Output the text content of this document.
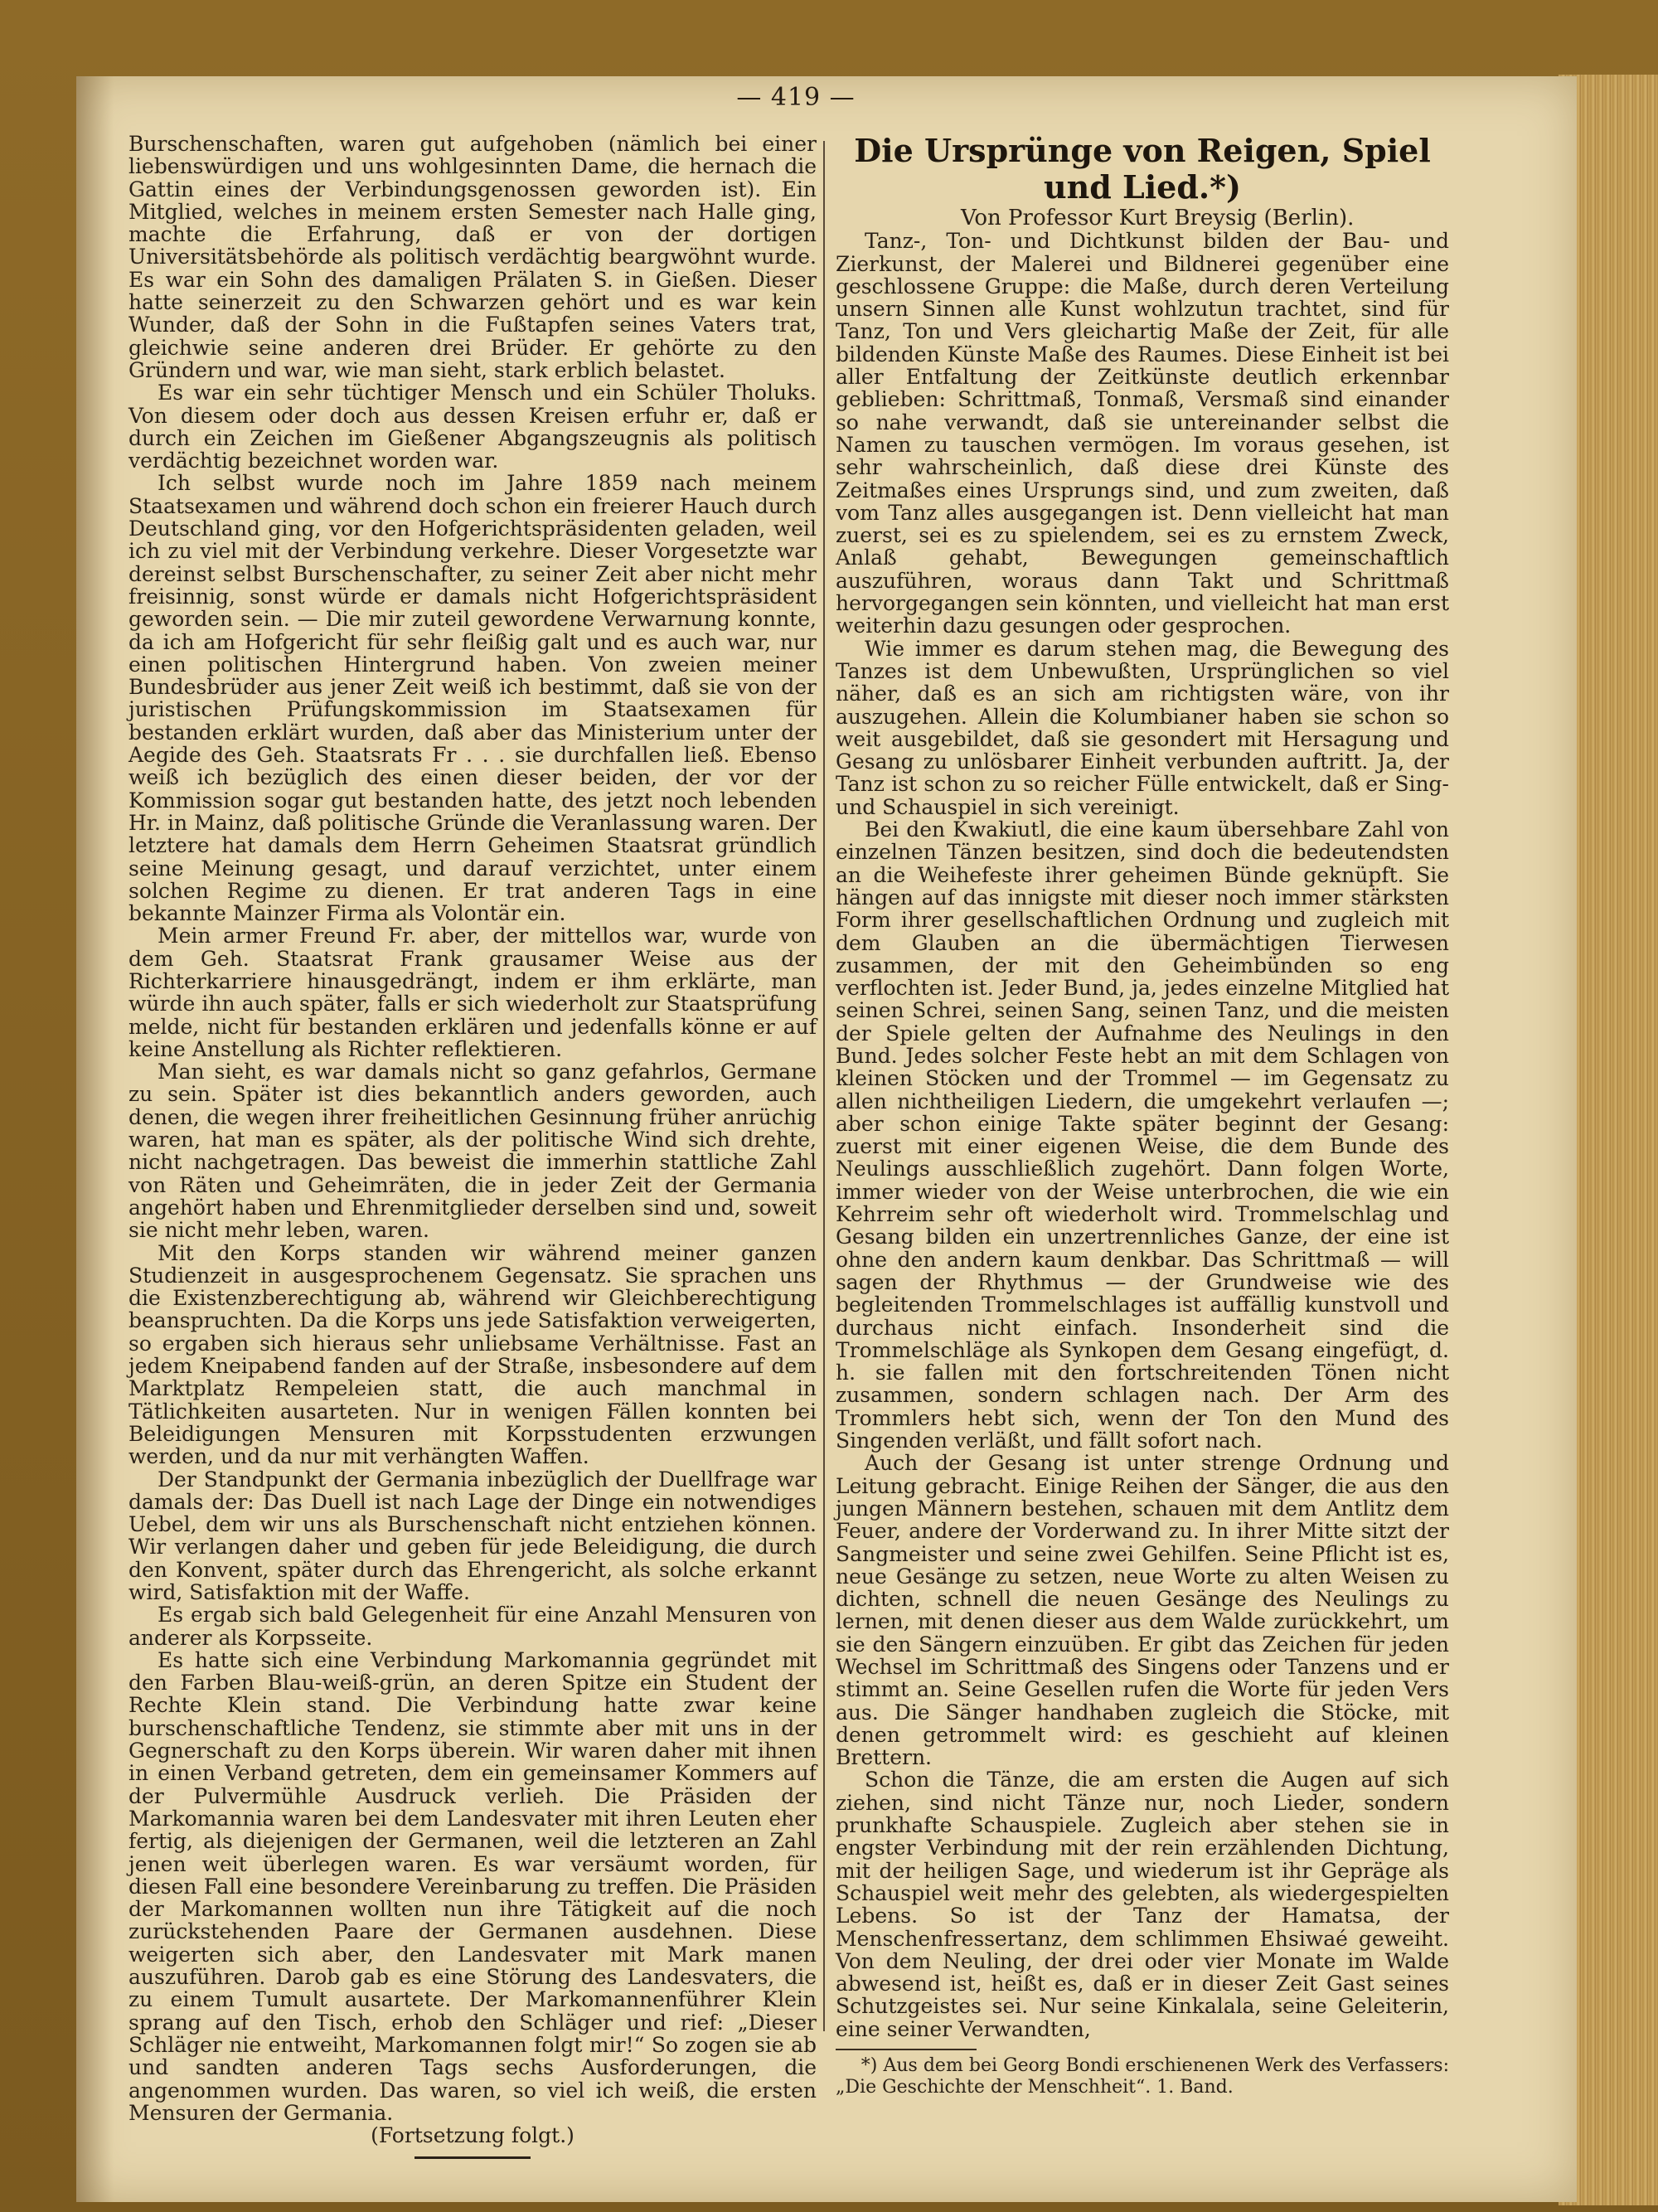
— 419 —

Burschenschaften, waren gut aufgehoben (nämlich bei einer liebenswürdigen und uns wohlgesinnten Dame, die hernach die Gattin eines der Verbindungsgenossen geworden ist). Ein Mitglied, welches in meinem ersten Semester nach Halle ging, machte die Erfahrung, daß er von der dortigen Universitätsbehörde als politisch verdächtig beargwöhnt wurde. Es war ein Sohn des damaligen Prälaten S. in Gießen. Dieser hatte seinerzeit zu den Schwarzen gehört und es war kein Wunder, daß der Sohn in die Fußtapfen seines Vaters trat, gleichwie seine anderen drei Brüder. Er gehörte zu den Gründern und war, wie man sieht, stark erblich belastet.

Es war ein sehr tüchtiger Mensch und ein Schüler Tholuks. Von diesem oder doch aus dessen Kreisen erfuhr er, daß er durch ein Zeichen im Gießener Abgangszeugnis als politisch verdächtig bezeichnet worden war.

Ich selbst wurde noch im Jahre 1859 nach meinem Staatsexamen und während doch schon ein freierer Hauch durch Deutschland ging, vor den Hofgerichtspräsidenten geladen, weil ich zu viel mit der Verbindung verkehre. Dieser Vorgesetzte war dereinst selbst Burschenschafter, zu seiner Zeit aber nicht mehr freisinnig, sonst würde er damals nicht Hofgerichtspräsident geworden sein. — Die mir zuteil gewordene Verwarnung konnte, da ich am Hofgericht für sehr fleißig galt und es auch war, nur einen politischen Hintergrund haben. Von zweien meiner Bundesbrüder aus jener Zeit weiß ich bestimmt, daß sie von der juristischen Prüfungskommission im Staatsexamen für bestanden erklärt wurden, daß aber das Ministerium unter der Aegide des Geh. Staatsrats Fr . . . sie durchfallen ließ. Ebenso weiß ich bezüglich des einen dieser beiden, der vor der Kommission sogar gut bestanden hatte, des jetzt noch lebenden Hr. in Mainz, daß politische Gründe die Veranlassung waren. Der letztere hat damals dem Herrn Geheimen Staatsrat gründlich seine Meinung gesagt, und darauf verzichtet, unter einem solchen Regime zu dienen. Er trat anderen Tags in eine bekannte Mainzer Firma als Volontär ein.

Mein armer Freund Fr. aber, der mittellos war, wurde von dem Geh. Staatsrat Frank grausamer Weise aus der Richterkarriere hinausgedrängt, indem er ihm erklärte, man würde ihn auch später, falls er sich wiederholt zur Staatsprüfung melde, nicht für bestanden erklären und jedenfalls könne er auf keine Anstellung als Richter reflektieren.

Man sieht, es war damals nicht so ganz gefahrlos, Germane zu sein. Später ist dies bekanntlich anders geworden, auch denen, die wegen ihrer freiheitlichen Gesinnung früher anrüchig waren, hat man es später, als der politische Wind sich drehte, nicht nachgetragen. Das beweist die immerhin stattliche Zahl von Räten und Geheimräten, die in jeder Zeit der Germania angehört haben und Ehrenmitglieder derselben sind und, soweit sie nicht mehr leben, waren.

Mit den Korps standen wir während meiner ganzen Studienzeit in ausgesprochenem Gegensatz. Sie sprachen uns die Existenzberechtigung ab, während wir Gleichberechtigung beanspruchten. Da die Korps uns jede Satisfaktion verweigerten, so ergaben sich hieraus sehr unliebsame Verhältnisse. Fast an jedem Kneipabend fanden auf der Straße, insbesondere auf dem Marktplatz Rempeleien statt, die auch manchmal in Tätlichkeiten ausarteten. Nur in wenigen Fällen konnten bei Beleidigungen Mensuren mit Korpsstudenten erzwungen werden, und da nur mit verhängten Waffen.

Der Standpunkt der Germania inbezüglich der Duellfrage war damals der: Das Duell ist nach Lage der Dinge ein notwendiges Uebel, dem wir uns als Burschenschaft nicht entziehen können. Wir verlangen daher und geben für jede Beleidigung, die durch den Konvent, später durch das Ehrengericht, als solche erkannt wird, Satisfaktion mit der Waffe.

Es ergab sich bald Gelegenheit für eine Anzahl Mensuren von anderer als Korpsseite.

Es hatte sich eine Verbindung Markomannia gegründet mit den Farben Blau-weiß-grün, an deren Spitze ein Student der Rechte Klein stand. Die Verbindung hatte zwar keine burschenschaftliche Tendenz, sie stimmte aber mit uns in der Gegnerschaft zu den Korps überein. Wir waren daher mit ihnen in einen Verband getreten, dem ein gemeinsamer Kommers auf der Pulvermühle Ausdruck verlieh. Die Präsiden der Markomannia waren bei dem Landesvater mit ihren Leuten eher fertig, als diejenigen der Germanen, weil die letzteren an Zahl jenen weit überlegen waren. Es war versäumt worden, für diesen Fall eine besondere Vereinbarung zu treffen. Die Präsiden der Markomannen wollten nun ihre Tätigkeit auf die noch zurückstehenden Paare der Germanen ausdehnen. Diese weigerten sich aber, den Landesvater mit Mark manen auszuführen. Darob gab es eine Störung des Landesvaters, die zu einem Tumult ausartete. Der Markomannenführer Klein sprang auf den Tisch, erhob den Schläger und rief: „Dieser Schläger nie entweiht, Markomannen folgt mir!“ So zogen sie ab und sandten anderen Tags sechs Ausforderungen, die angenommen wurden. Das waren, so viel ich weiß, die ersten Mensuren der Germania.

(Fortsetzung folgt.)

Die Ursprünge von Reigen, Spiel und Lied.*)

Von Professor Kurt Breysig (Berlin).

Tanz-, Ton- und Dichtkunst bilden der Bau- und Zierkunst, der Malerei und Bildnerei gegenüber eine geschlossene Gruppe: die Maße, durch deren Verteilung unsern Sinnen alle Kunst wohlzutun trachtet, sind für Tanz, Ton und Vers gleichartig Maße der Zeit, für alle bildenden Künste Maße des Raumes. Diese Einheit ist bei aller Entfaltung der Zeitkünste deutlich erkennbar geblieben: Schrittmaß, Tonmaß, Versmaß sind einander so nahe verwandt, daß sie untereinander selbst die Namen zu tauschen vermögen. Im voraus gesehen, ist sehr wahrscheinlich, daß diese drei Künste des Zeitmaßes eines Ursprungs sind, und zum zweiten, daß vom Tanz alles ausgegangen ist. Denn vielleicht hat man zuerst, sei es zu spielendem, sei es zu ernstem Zweck, Anlaß gehabt, Bewegungen gemeinschaftlich auszuführen, woraus dann Takt und Schrittmaß hervorgegangen sein könnten, und vielleicht hat man erst weiterhin dazu gesungen oder gesprochen.

Wie immer es darum stehen mag, die Bewegung des Tanzes ist dem Unbewußten, Ursprünglichen so viel näher, daß es an sich am richtigsten wäre, von ihr auszugehen. Allein die Kolumbianer haben sie schon so weit ausgebildet, daß sie gesondert mit Hersagung und Gesang zu unlösbarer Einheit verbunden auftritt. Ja, der Tanz ist schon zu so reicher Fülle entwickelt, daß er Sing- und Schauspiel in sich vereinigt.

Bei den Kwakiutl, die eine kaum übersehbare Zahl von einzelnen Tänzen besitzen, sind doch die bedeutendsten an die Weihefeste ihrer geheimen Bünde geknüpft. Sie hängen auf das innigste mit dieser noch immer stärksten Form ihrer gesellschaftlichen Ordnung und zugleich mit dem Glauben an die übermächtigen Tierwesen zusammen, der mit den Geheimbünden so eng verflochten ist. Jeder Bund, ja, jedes einzelne Mitglied hat seinen Schrei, seinen Sang, seinen Tanz, und die meisten der Spiele gelten der Aufnahme des Neulings in den Bund. Jedes solcher Feste hebt an mit dem Schlagen von kleinen Stöcken und der Trommel — im Gegensatz zu allen nichtheiligen Liedern, die umgekehrt verlaufen —; aber schon einige Takte später beginnt der Gesang: zuerst mit einer eigenen Weise, die dem Bunde des Neulings ausschließlich zugehört. Dann folgen Worte, immer wieder von der Weise unterbrochen, die wie ein Kehrreim sehr oft wiederholt wird. Trommelschlag und Gesang bilden ein unzertrennliches Ganze, der eine ist ohne den andern kaum denkbar. Das Schrittmaß — will sagen der Rhythmus — der Grundweise wie des begleitenden Trommelschlages ist auffällig kunstvoll und durchaus nicht einfach. Insonderheit sind die Trommelschläge als Synkopen dem Gesang eingefügt, d. h. sie fallen mit den fortschreitenden Tönen nicht zusammen, sondern schlagen nach. Der Arm des Trommlers hebt sich, wenn der Ton den Mund des Singenden verläßt, und fällt sofort nach.

Auch der Gesang ist unter strenge Ordnung und Leitung gebracht. Einige Reihen der Sänger, die aus den jungen Männern bestehen, schauen mit dem Antlitz dem Feuer, andere der Vorderwand zu. In ihrer Mitte sitzt der Sangmeister und seine zwei Gehilfen. Seine Pflicht ist es, neue Gesänge zu setzen, neue Worte zu alten Weisen zu dichten, schnell die neuen Gesänge des Neulings zu lernen, mit denen dieser aus dem Walde zurückkehrt, um sie den Sängern einzuüben. Er gibt das Zeichen für jeden Wechsel im Schrittmaß des Singens oder Tanzens und er stimmt an. Seine Gesellen rufen die Worte für jeden Vers aus. Die Sänger handhaben zugleich die Stöcke, mit denen getrommelt wird: es geschieht auf kleinen Brettern.

Schon die Tänze, die am ersten die Augen auf sich ziehen, sind nicht Tänze nur, noch Lieder, sondern prunkhafte Schauspiele. Zugleich aber stehen sie in engster Verbindung mit der rein erzählenden Dichtung, mit der heiligen Sage, und wiederum ist ihr Gepräge als Schauspiel weit mehr des gelebten, als wiedergespielten Lebens. So ist der Tanz der Hamatsa, der Menschenfressertanz, dem schlimmen Ehsiwaé geweiht. Von dem Neuling, der drei oder vier Monate im Walde abwesend ist, heißt es, daß er in dieser Zeit Gast seines Schutzgeistes sei. Nur seine Kinkalala, seine Geleiterin, eine seiner Verwandten,

*) Aus dem bei Georg Bondi erschienenen Werk des Verfassers: „Die Geschichte der Menschheit“. 1. Band.
